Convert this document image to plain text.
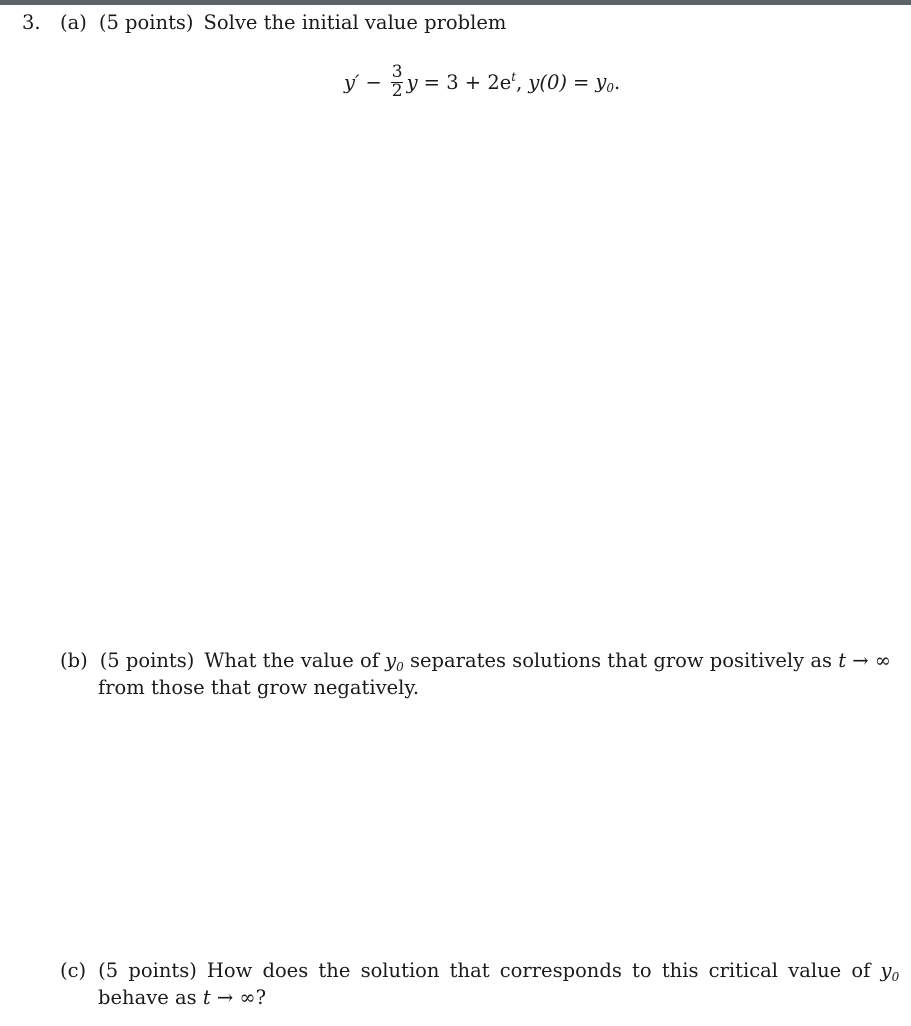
3. (a) (5 points) Solve the initial value problem
$y' - \frac{3}{2}$ $y = 3 + 2e^t$ , $y(0) = y_0$ .
(b) (5 points) What the value of $y_0$ separates solutions that grow positively as t → ∞
from those that grow negatively.
(c) (5 points) How does the solution that corresponds to this critical value of $y_0$
behave as t → ∞?
